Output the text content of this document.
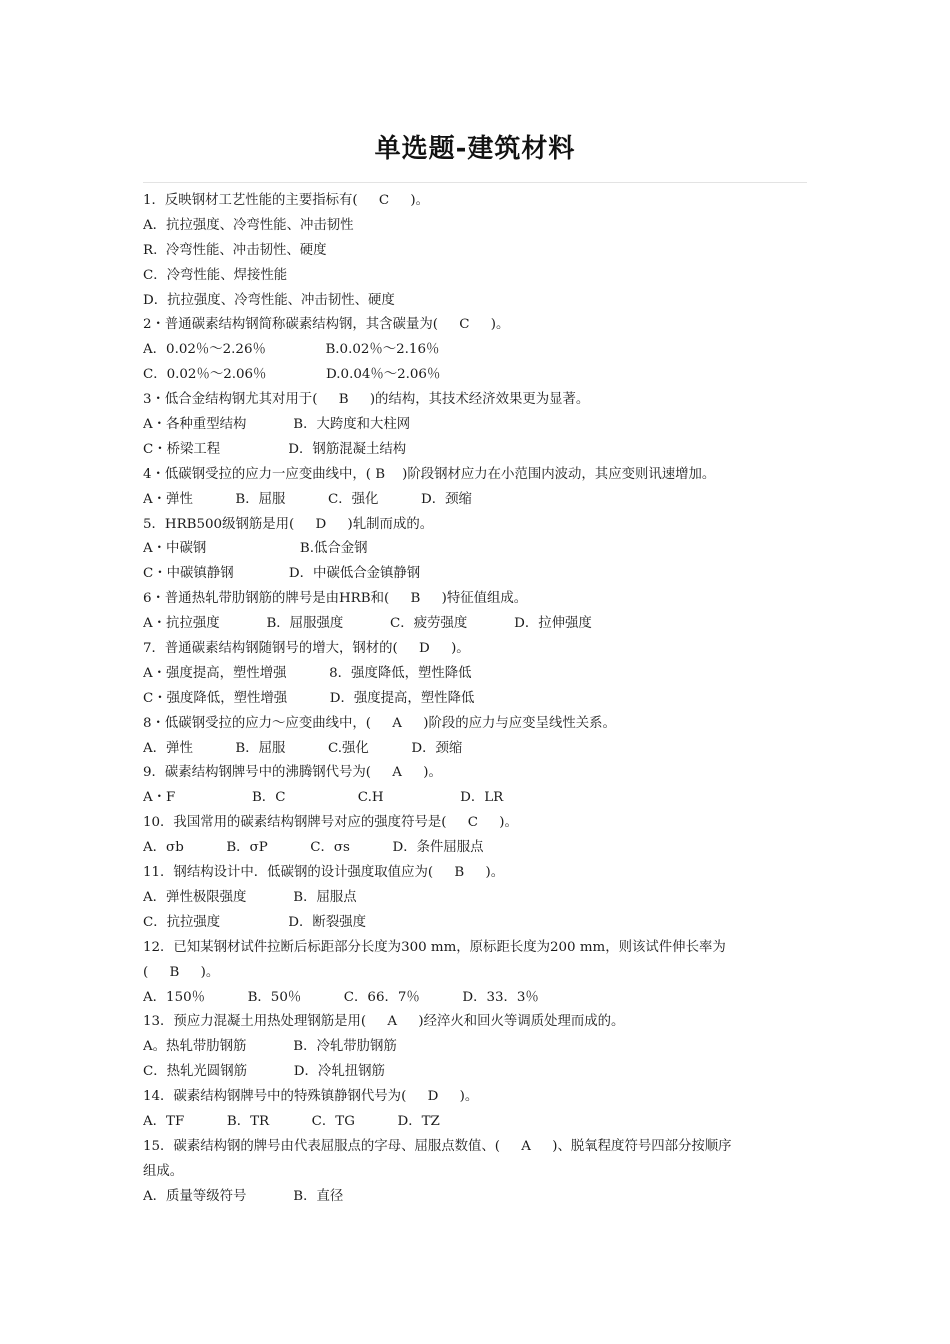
单选题-建筑材料
1．反映钢材工艺性能的主要指标有(     C     )。
A．抗拉强度、冷弯性能、冲击韧性
R.  冷弯性能、冲击韧性、硬度
C．冷弯性能、焊接性能
D．抗拉强度、冷弯性能、冲击韧性、硬度
2・普通碳素结构钢简称碳素结构钢，其含碳量为(     C     )。
A．0.02％～2.26％              B.0.02％～2.16％
C．0.02％～2.06％              D.0.04％～2.06％
3・低合金结构钢尤其对用于(     B     )的结构，其技术经济效果更为显著。
A・各种重型结构           B．大跨度和大柱网
C・桥梁工程                D．钢筋混凝土结构
4・低碳钢受拉的应力一应变曲线中，( B    )阶段钢材应力在小范围内波动，其应变则讯速增加。
A・弹性          B．屈服          C．强化          D．颈缩
5．HRB500级钢筋是用(     D     )轧制而成的。
A・中碳钢                      B.低合金钢
C・中碳镇静钢             D．中碳低合金镇静钢
6・普通热轧带肋钢筋的牌号是由HRB和(     B     )特征值组成。
A・抗拉强度           B．屈服强度           C．疲劳强度           D．拉伸强度
7．普通碳素结构钢随钢号的增大，钢材的(     D     )。
A・强度提高，塑性增强          8．强度降低，塑性降低
C・强度降低，塑性增强          D．强度提高，塑性降低
8・低碳钢受拉的应力～应变曲线中，(     A     )阶段的应力与应变呈线性关系。
A．弹性          B．屈服          C.强化          D．颈缩
9．碳素结构钢牌号中的沸腾钢代号为(     A     )。
A・F                  B．C                 C.H                  D．LR
10．我国常用的碳素结构钢牌号对应的强度符号是(     C     )。
A．σb          B．σP          C．σs          D．条件屈服点
11．钢结构设计中．低碳钢的设计强度取值应为(     B     )。
A．弹性极限强度           B．屈服点
C．抗拉强度                D．断裂强度
12．已知某钢材试件拉断后标距部分长度为300 mm，原标距长度为200 mm，则该试件伸长率为
(     B     )。
A．150％          B．50％          C．66．7％          D．33．3％
13．预应力混凝土用热处理钢筋是用(     A     )经淬火和回火等调质处理而成的。
A。热轧带肋钢筋           B．冷轧带肋钢筋
C．热轧光圆钢筋           D．冷轧扭钢筋
14．碳素结构钢牌号中的特殊镇静钢代号为(     D     )。
A．TF          B．TR          C．TG          D．TZ
15．碳素结构钢的牌号由代表屈服点的字母、屈服点数值、(     A     )、脱氧程度符号四部分按顺序
组成。
A．质量等级符号           B．直径
